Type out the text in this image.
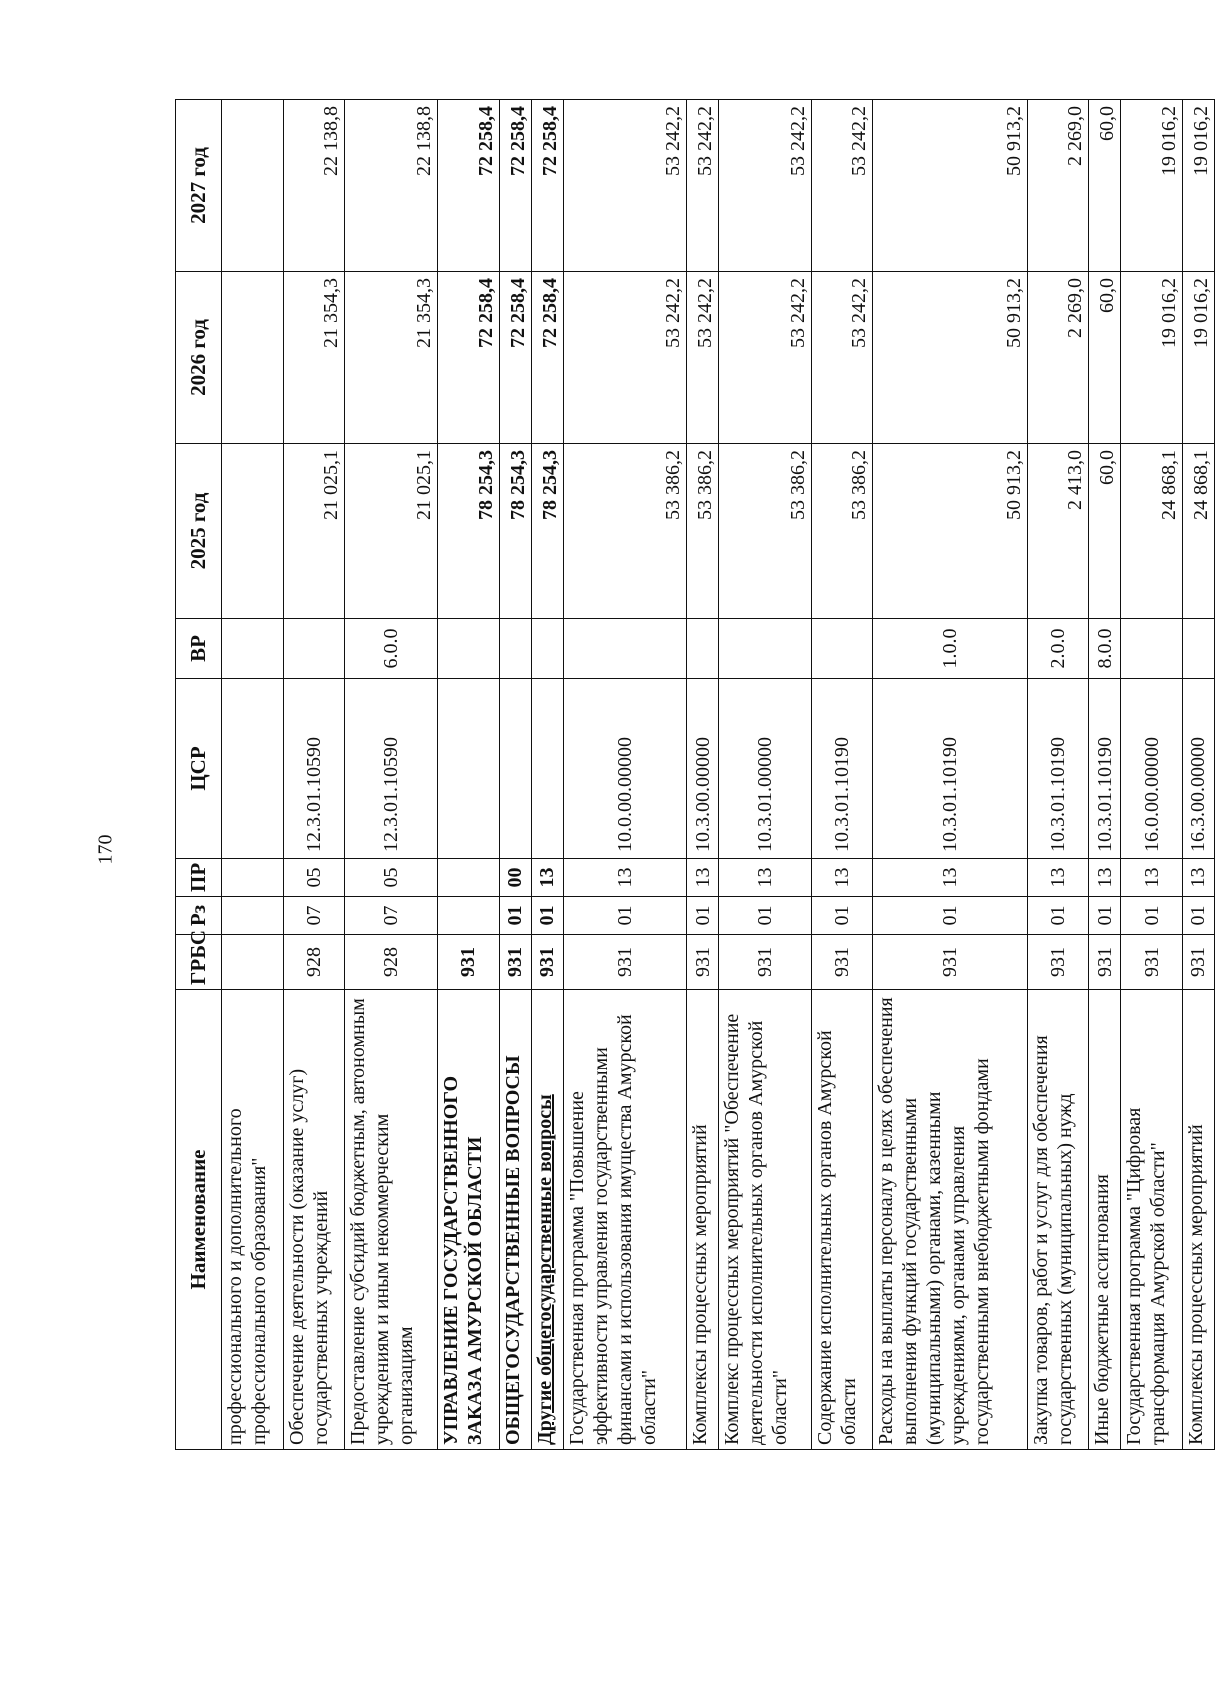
170
Наименование	ГРБС	Рз	ПР	ЦСР	ВР	2025 год	2026 год	2027 год
профессионального и дополнительного профессионального образования"								
Обеспечение деятельности (оказание услуг) государственных учреждений	928	07	05	12.3.01.10590		21 025,1	21 354,3	22 138,8
Предоставление субсидий бюджетным, автономным учреждениям и иным некоммерческим организациям	928	07	05	12.3.01.10590	6.0.0	21 025,1	21 354,3	22 138,8
УПРАВЛЕНИЕ ГОСУДАРСТВЕННОГО ЗАКАЗА АМУРСКОЙ ОБЛАСТИ	931					78 254,3	72 258,4	72 258,4
ОБЩЕГОСУДАРСТВЕННЫЕ ВОПРОСЫ	931	01	00			78 254,3	72 258,4	72 258,4
Другие общегосударственные вопросы	931	01	13			78 254,3	72 258,4	72 258,4
Государственная программа "Повышение эффективности управления государственными финансами и использования имущества Амурской области"	931	01	13	10.0.00.00000		53 386,2	53 242,2	53 242,2
Комплексы процессных мероприятий	931	01	13	10.3.00.00000		53 386,2	53 242,2	53 242,2
Комплекс процессных мероприятий "Обеспечение деятельности исполнительных органов Амурской области"	931	01	13	10.3.01.00000		53 386,2	53 242,2	53 242,2
Содержание исполнительных органов Амурской области	931	01	13	10.3.01.10190		53 386,2	53 242,2	53 242,2
Расходы на выплаты персоналу в целях обеспечения выполнения функций государственными (муниципальными) органами, казенными учреждениями, органами управления государственными внебюджетными фондами	931	01	13	10.3.01.10190	1.0.0	50 913,2	50 913,2	50 913,2
Закупка товаров, работ и услуг для обеспечения государственных (муниципальных) нужд	931	01	13	10.3.01.10190	2.0.0	2 413,0	2 269,0	2 269,0
Иные бюджетные ассигнования	931	01	13	10.3.01.10190	8.0.0	60,0	60,0	60,0
Государственная программа "Цифровая трансформация Амурской области"	931	01	13	16.0.00.00000		24 868,1	19 016,2	19 016,2
Комплексы процессных мероприятий	931	01	13	16.3.00.00000		24 868,1	19 016,2	19 016,2
